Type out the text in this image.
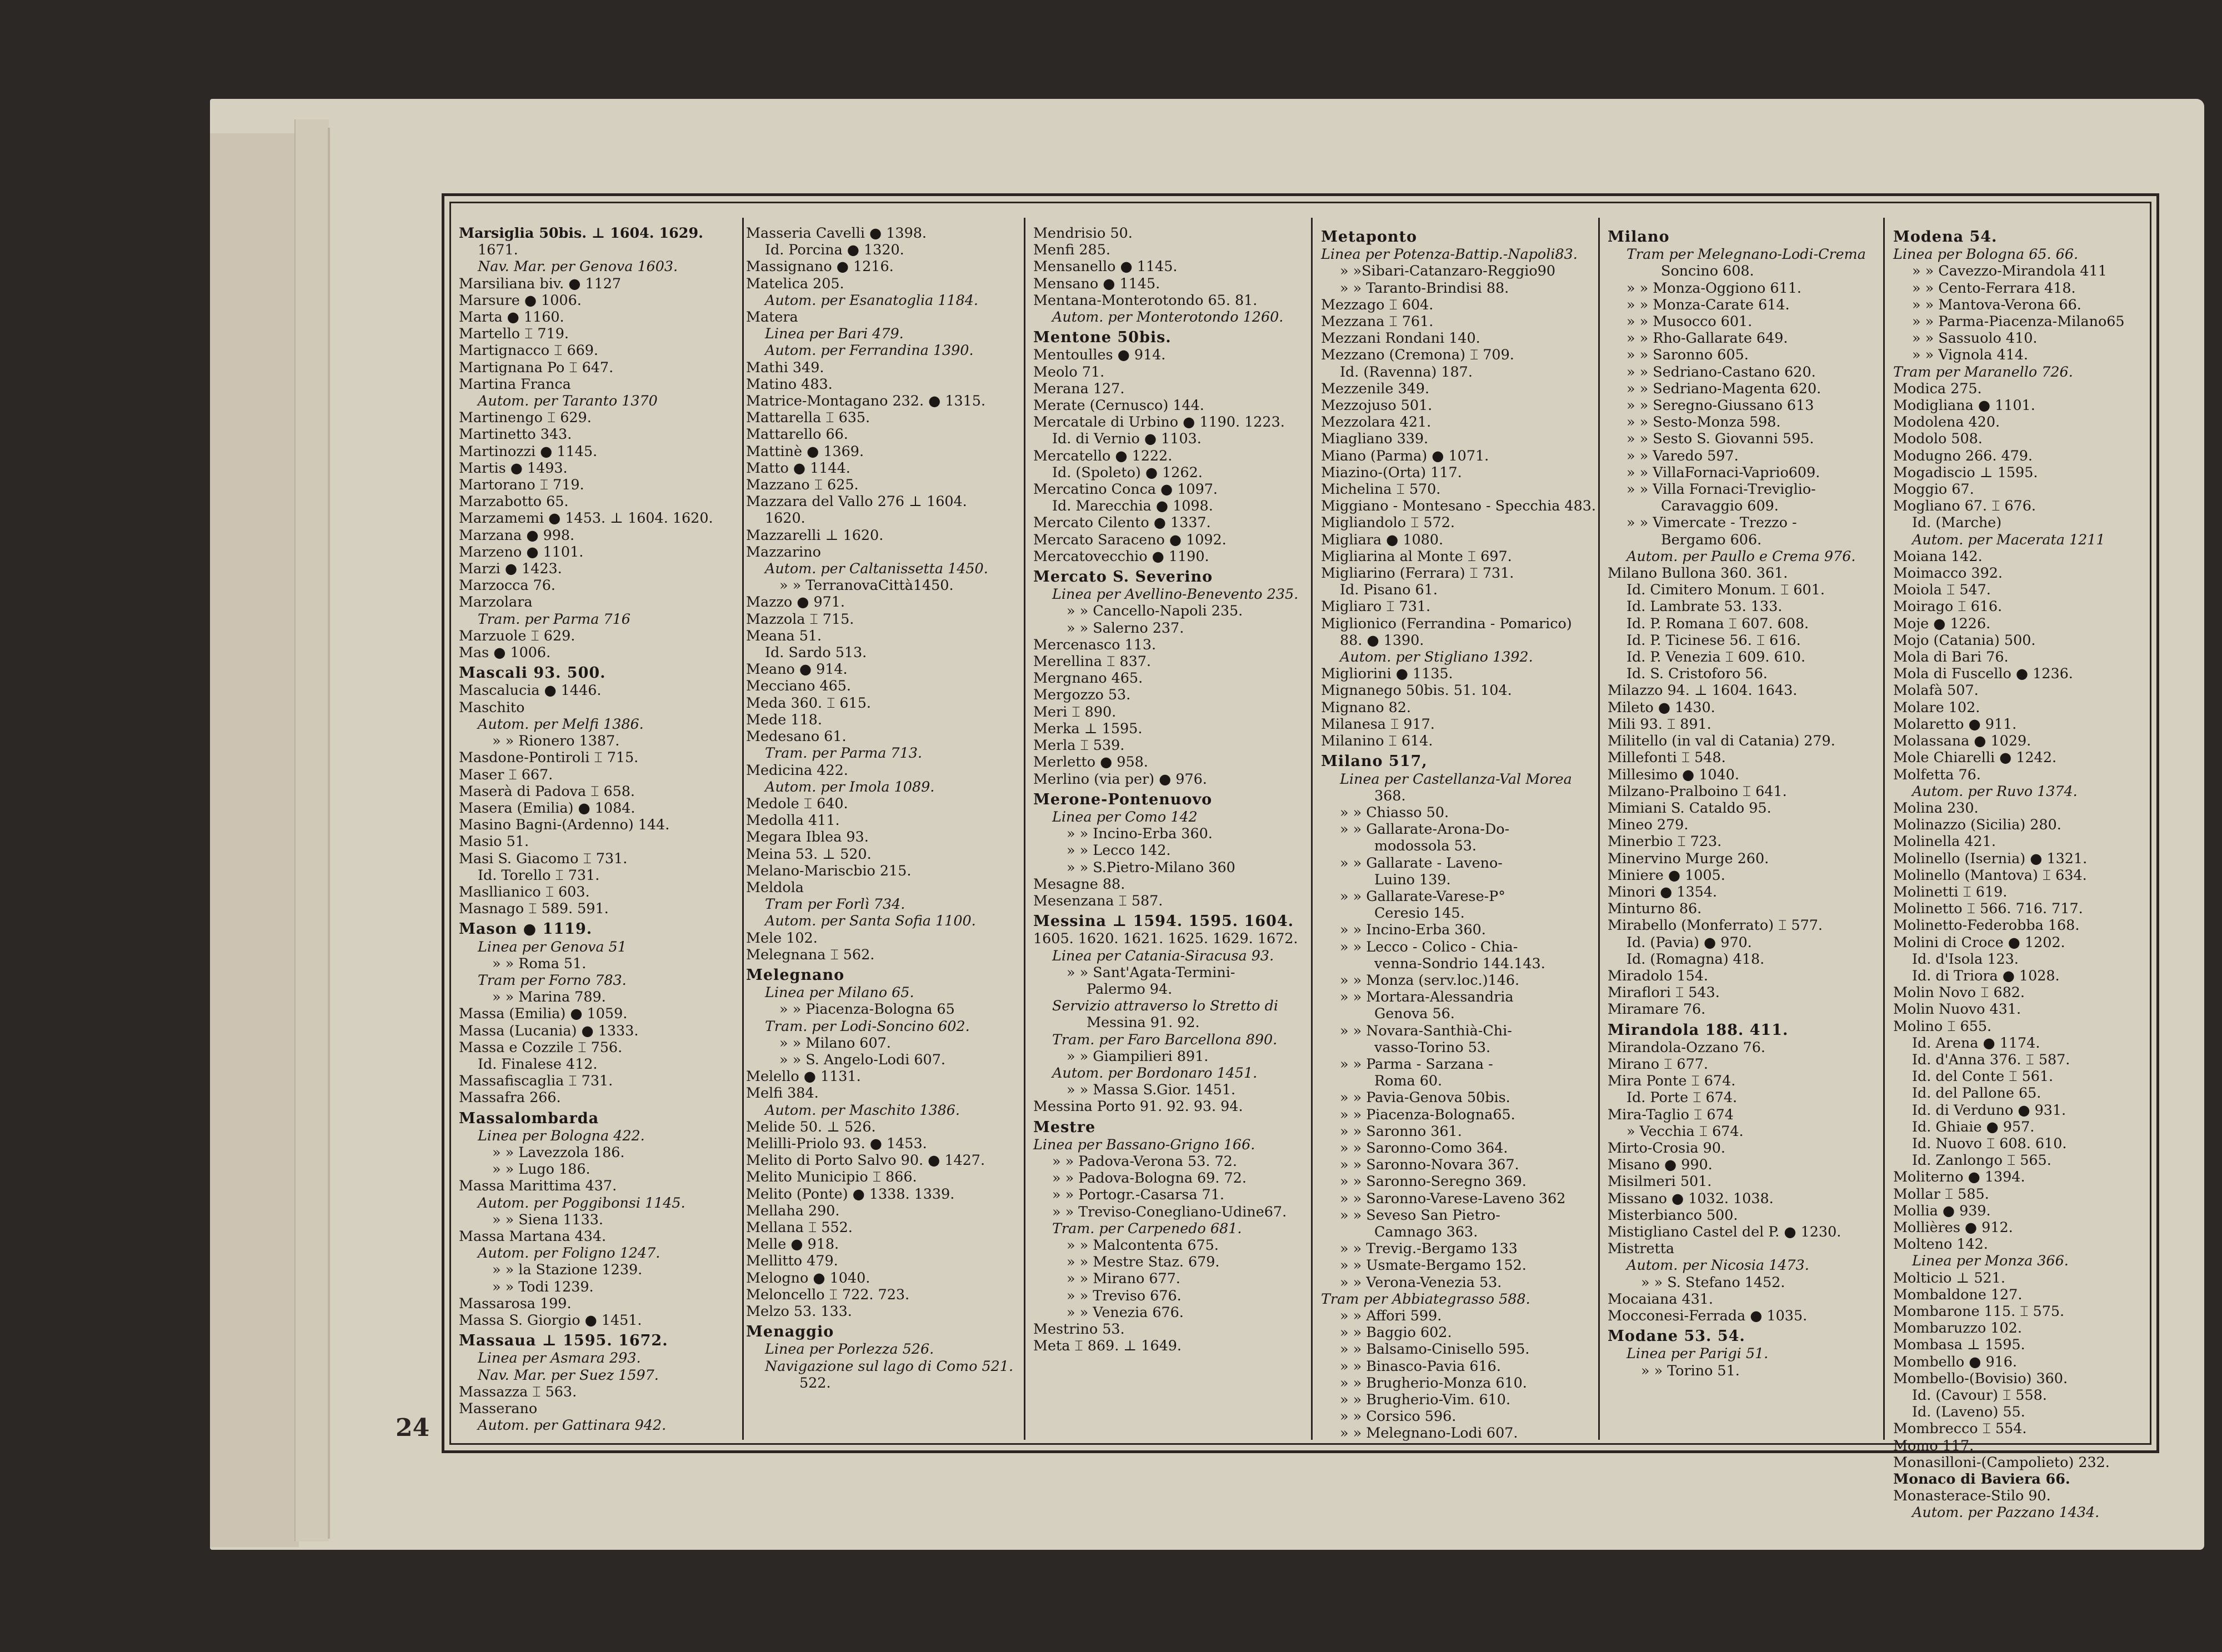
Marsiglia 50bis. ⊥ 1604. 1629.
1671.
Nav. Mar. per Genova 1603.
Marsiliana biv. ● 1127
Marsure ● 1006.
Marta ● 1160.
Martello ⌶ 719.
Martignacco ⌶ 669.
Martignana Po ⌶ 647.
Martina Franca
Autom. per Taranto 1370
Martinengo ⌶ 629.
Martinetto 343.
Martinozzi ● 1145.
Martis ● 1493.
Martorano ⌶ 719.
Marzabotto 65.
Marzamemi ● 1453. ⊥ 1604. 1620.
Marzana ● 998.
Marzeno ● 1101.
Marzi ● 1423.
Marzocca 76.
Marzolara
Tram. per Parma 716
Marzuole ⌶ 629.
Mas ● 1006.
Mascali 93. 500.
Mascalucia ● 1446.
Maschito
Autom. per Melfi 1386.
» » Rionero 1387.
Masdone-Pontiroli ⌶ 715.
Maser ⌶ 667.
Maserà di Padova ⌶ 658.
Masera (Emilia) ● 1084.
Masino Bagni-(Ardenno) 144.
Masio 51.
Masi S. Giacomo ⌶ 731.
Id. Torello ⌶ 731.
Masllianico ⌶ 603.
Masnago ⌶ 589. 591.
Mason ● 1119.
Linea per Genova 51
» » Roma 51.
Tram per Forno 783.
» » Marina 789.
Massa (Emilia) ● 1059.
Massa (Lucania) ● 1333.
Massa e Cozzile ⌶ 756.
Id. Finalese 412.
Massafiscaglia ⌶ 731.
Massafra 266.
Massalombarda
Linea per Bologna 422.
» » Lavezzola 186.
» » Lugo 186.
Massa Marittima 437.
Autom. per Poggibonsi 1145.
» » Siena 1133.
Massa Martana 434.
Autom. per Foligno 1247.
» » la Stazione 1239.
» » Todi 1239.
Massarosa 199.
Massa S. Giorgio ● 1451.
Massaua ⊥ 1595. 1672.
Linea per Asmara 293.
Nav. Mar. per Suez 1597.
Massazza ⌶ 563.
Masserano
Autom. per Gattinara 942.
Masseria Cavelli ● 1398.
Id. Porcina ● 1320.
Massignano ● 1216.
Matelica 205.
Autom. per Esanatoglia 1184.
Matera
Linea per Bari 479.
Autom. per Ferrandina 1390.
Mathi 349.
Matino 483.
Matrice-Montagano 232. ● 1315.
Mattarella ⌶ 635.
Mattarello 66.
Mattinè ● 1369.
Matto ● 1144.
Mazzano ⌶ 625.
Mazzara del Vallo 276 ⊥ 1604.
1620.
Mazzarelli ⊥ 1620.
Mazzarino
Autom. per Caltanissetta 1450.
» » TerranovaCittà1450.
Mazzo ● 971.
Mazzola ⌶ 715.
Meana 51.
Id. Sardo 513.
Meano ● 914.
Mecciano 465.
Meda 360. ⌶ 615.
Mede 118.
Medesano 61.
Tram. per Parma 713.
Medicina 422.
Autom. per Imola 1089.
Medole ⌶ 640.
Medolla 411.
Megara Iblea 93.
Meina 53. ⊥ 520.
Melano-Mariscbio 215.
Meldola
Tram per Forlì 734.
Autom. per Santa Sofia 1100.
Mele 102.
Melegnana ⌶ 562.
Melegnano
Linea per Milano 65.
» » Piacenza-Bologna 65
Tram. per Lodi-Soncino 602.
» » Milano 607.
» » S. Angelo-Lodi 607.
Melello ● 1131.
Melfi 384.
Autom. per Maschito 1386.
Melide 50. ⊥ 526.
Melilli-Priolo 93. ● 1453.
Melito di Porto Salvo 90. ● 1427.
Melito Municipio ⌶ 866.
Melito (Ponte) ● 1338. 1339.
Mellaha 290.
Mellana ⌶ 552.
Melle ● 918.
Mellitto 479.
Melogno ● 1040.
Meloncello ⌶ 722. 723.
Melzo 53. 133.
Menaggio
Linea per Porlezza 526.
Navigazione sul lago di Como 521.
522.
Mendrisio 50.
Menfi 285.
Mensanello ● 1145.
Mensano ● 1145.
Mentana-Monterotondo 65. 81.
Autom. per Monterotondo 1260.
Mentone 50bis.
Mentoulles ● 914.
Meolo 71.
Merana 127.
Merate (Cernusco) 144.
Mercatale di Urbino ● 1190. 1223.
Id. di Vernio ● 1103.
Mercatello ● 1222.
Id. (Spoleto) ● 1262.
Mercatino Conca ● 1097.
Id. Marecchia ● 1098.
Mercato Cilento ● 1337.
Mercato Saraceno ● 1092.
Mercatovecchio ● 1190.
Mercato S. Severino
Linea per Avellino-Benevento 235.
» » Cancello-Napoli 235.
» » Salerno 237.
Mercenasco 113.
Merellina ⌶ 837.
Mergnano 465.
Mergozzo 53.
Meri ⌶ 890.
Merka ⊥ 1595.
Merla ⌶ 539.
Merletto ● 958.
Merlino (via per) ● 976.
Merone-Pontenuovo
Linea per Como 142
» » Incino-Erba 360.
» » Lecco 142.
» » S.Pietro-Milano 360
Mesagne 88.
Mesenzana ⌶ 587.
Messina ⊥ 1594. 1595. 1604.
1605. 1620. 1621. 1625. 1629. 1672.
Linea per Catania-Siracusa 93.
» » Sant'Agata-Termini-
Palermo 94.
Servizio attraverso lo Stretto di
Messina 91. 92.
Tram. per Faro Barcellona 890.
» » Giampilieri 891.
Autom. per Bordonaro 1451.
» » Massa S.Gior. 1451.
Messina Porto 91. 92. 93. 94.
Mestre
Linea per Bassano-Grigno 166.
» » Padova-Verona 53. 72.
» » Padova-Bologna 69. 72.
» » Portogr.-Casarsa 71.
» » Treviso-Conegliano-Udine67.
Tram. per Carpenedo 681.
» » Malcontenta 675.
» » Mestre Staz. 679.
» » Mirano 677.
» » Treviso 676.
» » Venezia 676.
Mestrino 53.
Meta ⌶ 869. ⊥ 1649.
Metaponto
Linea per Potenza-Battip.-Napoli83.
» »Sibari-Catanzaro-Reggio90
» » Taranto-Brindisi 88.
Mezzago ⌶ 604.
Mezzana ⌶ 761.
Mezzani Rondani 140.
Mezzano (Cremona) ⌶ 709.
Id. (Ravenna) 187.
Mezzenile 349.
Mezzojuso 501.
Mezzolara 421.
Miagliano 339.
Miano (Parma) ● 1071.
Miazino-(Orta) 117.
Michelina ⌶ 570.
Miggiano - Montesano - Specchia 483.
Migliandolo ⌶ 572.
Migliara ● 1080.
Migliarina al Monte ⌶ 697.
Migliarino (Ferrara) ⌶ 731.
Id. Pisano 61.
Migliaro ⌶ 731.
Miglionico (Ferrandina - Pomarico)
88. ● 1390.
Autom. per Stigliano 1392.
Migliorini ● 1135.
Mignanego 50bis. 51. 104.
Mignano 82.
Milanesa ⌶ 917.
Milanino ⌶ 614.
Milano 517,
Linea per Castellanza-Val Morea
368.
» » Chiasso 50.
» » Gallarate-Arona-Do-
modossola 53.
» » Gallarate - Laveno-
Luino 139.
» » Gallarate-Varese-P°
Ceresio 145.
» » Incino-Erba 360.
» » Lecco - Colico - Chia-
venna-Sondrio 144.143.
» » Monza (serv.loc.)146.
» » Mortara-Alessandria
Genova 56.
» » Novara-Santhià-Chi-
vasso-Torino 53.
» » Parma - Sarzana -
Roma 60.
» » Pavia-Genova 50bis.
» » Piacenza-Bologna65.
» » Saronno 361.
» » Saronno-Como 364.
» » Saronno-Novara 367.
» » Saronno-Seregno 369.
» » Saronno-Varese-Laveno 362
» » Seveso San Pietro-
Camnago 363.
» » Trevig.-Bergamo 133
» » Usmate-Bergamo 152.
» » Verona-Venezia 53.
Tram per Abbiategrasso 588.
» » Affori 599.
» » Baggio 602.
» » Balsamo-Cinisello 595.
» » Binasco-Pavia 616.
» » Brugherio-Monza 610.
» » Brugherio-Vim. 610.
» » Corsico 596.
» » Melegnano-Lodi 607.
Milano
Tram per Melegnano-Lodi-Crema
Soncino 608.
» » Monza-Oggiono 611.
» » Monza-Carate 614.
» » Musocco 601.
» » Rho-Gallarate 649.
» » Saronno 605.
» » Sedriano-Castano 620.
» » Sedriano-Magenta 620.
» » Seregno-Giussano 613
» » Sesto-Monza 598.
» » Sesto S. Giovanni 595.
» » Varedo 597.
» » VillaFornaci-Vaprio609.
» » Villa Fornaci-Treviglio-
Caravaggio 609.
» » Vimercate - Trezzo -
Bergamo 606.
Autom. per Paullo e Crema 976.
Milano Bullona 360. 361.
Id. Cimitero Monum. ⌶ 601.
Id. Lambrate 53. 133.
Id. P. Romana ⌶ 607. 608.
Id. P. Ticinese 56. ⌶ 616.
Id. P. Venezia ⌶ 609. 610.
Id. S. Cristoforo 56.
Milazzo 94. ⊥ 1604. 1643.
Mileto ● 1430.
Mili 93. ⌶ 891.
Militello (in val di Catania) 279.
Millefonti ⌶ 548.
Millesimo ● 1040.
Milzano-Pralboino ⌶ 641.
Mimiani S. Cataldo 95.
Mineo 279.
Minerbio ⌶ 723.
Minervino Murge 260.
Miniere ● 1005.
Minori ● 1354.
Minturno 86.
Mirabello (Monferrato) ⌶ 577.
Id. (Pavia) ● 970.
Id. (Romagna) 418.
Miradolo 154.
Miraflori ⌶ 543.
Miramare 76.
Mirandola 188. 411.
Mirandola-Ozzano 76.
Mirano ⌶ 677.
Mira Ponte ⌶ 674.
Id. Porte ⌶ 674.
Mira-Taglio ⌶ 674
» Vecchia ⌶ 674.
Mirto-Crosia 90.
Misano ● 990.
Misilmeri 501.
Missano ● 1032. 1038.
Misterbianco 500.
Mistigliano Castel del P. ● 1230.
Mistretta
Autom. per Nicosia 1473.
» » S. Stefano 1452.
Mocaiana 431.
Mocconesi-Ferrada ● 1035.
Modane 53. 54.
Linea per Parigi 51.
» » Torino 51.
Modena 54.
Linea per Bologna 65. 66.
» » Cavezzo-Mirandola 411
» » Cento-Ferrara 418.
» » Mantova-Verona 66.
» » Parma-Piacenza-Milano65
» » Sassuolo 410.
» » Vignola 414.
Tram per Maranello 726.
Modica 275.
Modigliana ● 1101.
Modolena 420.
Modolo 508.
Modugno 266. 479.
Mogadiscio ⊥ 1595.
Moggio 67.
Mogliano 67. ⌶ 676.
Id. (Marche)
Autom. per Macerata 1211
Moiana 142.
Moimacco 392.
Moiola ⌶ 547.
Moirago ⌶ 616.
Moje ● 1226.
Mojo (Catania) 500.
Mola di Bari 76.
Mola di Fuscello ● 1236.
Molafà 507.
Molare 102.
Molaretto ● 911.
Molassana ● 1029.
Mole Chiarelli ● 1242.
Molfetta 76.
Autom. per Ruvo 1374.
Molina 230.
Molinazzo (Sicilia) 280.
Molinella 421.
Molinello (Isernia) ● 1321.
Molinello (Mantova) ⌶ 634.
Molinetti ⌶ 619.
Molinetto ⌶ 566. 716. 717.
Molinetto-Federobba 168.
Molini di Croce ● 1202.
Id. d'Isola 123.
Id. di Triora ● 1028.
Molin Novo ⌶ 682.
Molin Nuovo 431.
Molino ⌶ 655.
Id. Arena ● 1174.
Id. d'Anna 376. ⌶ 587.
Id. del Conte ⌶ 561.
Id. del Pallone 65.
Id. di Verduno ● 931.
Id. Ghiaie ● 957.
Id. Nuovo ⌶ 608. 610.
Id. Zanlongo ⌶ 565.
Moliterno ● 1394.
Mollar ⌶ 585.
Mollia ● 939.
Mollières ● 912.
Molteno 142.
Linea per Monza 366.
Molticio ⊥ 521.
Mombaldone 127.
Mombarone 115. ⌶ 575.
Mombaruzzo 102.
Mombasa ⊥ 1595.
Mombello ● 916.
Mombello-(Bovisio) 360.
Id. (Cavour) ⌶ 558.
Id. (Laveno) 55.
Mombrecco ⌶ 554.
Momo 117.
Monasilloni-(Campolieto) 232.
Monaco di Baviera 66.
Monasterace-Stilo 90.
Autom. per Pazzano 1434.
24
